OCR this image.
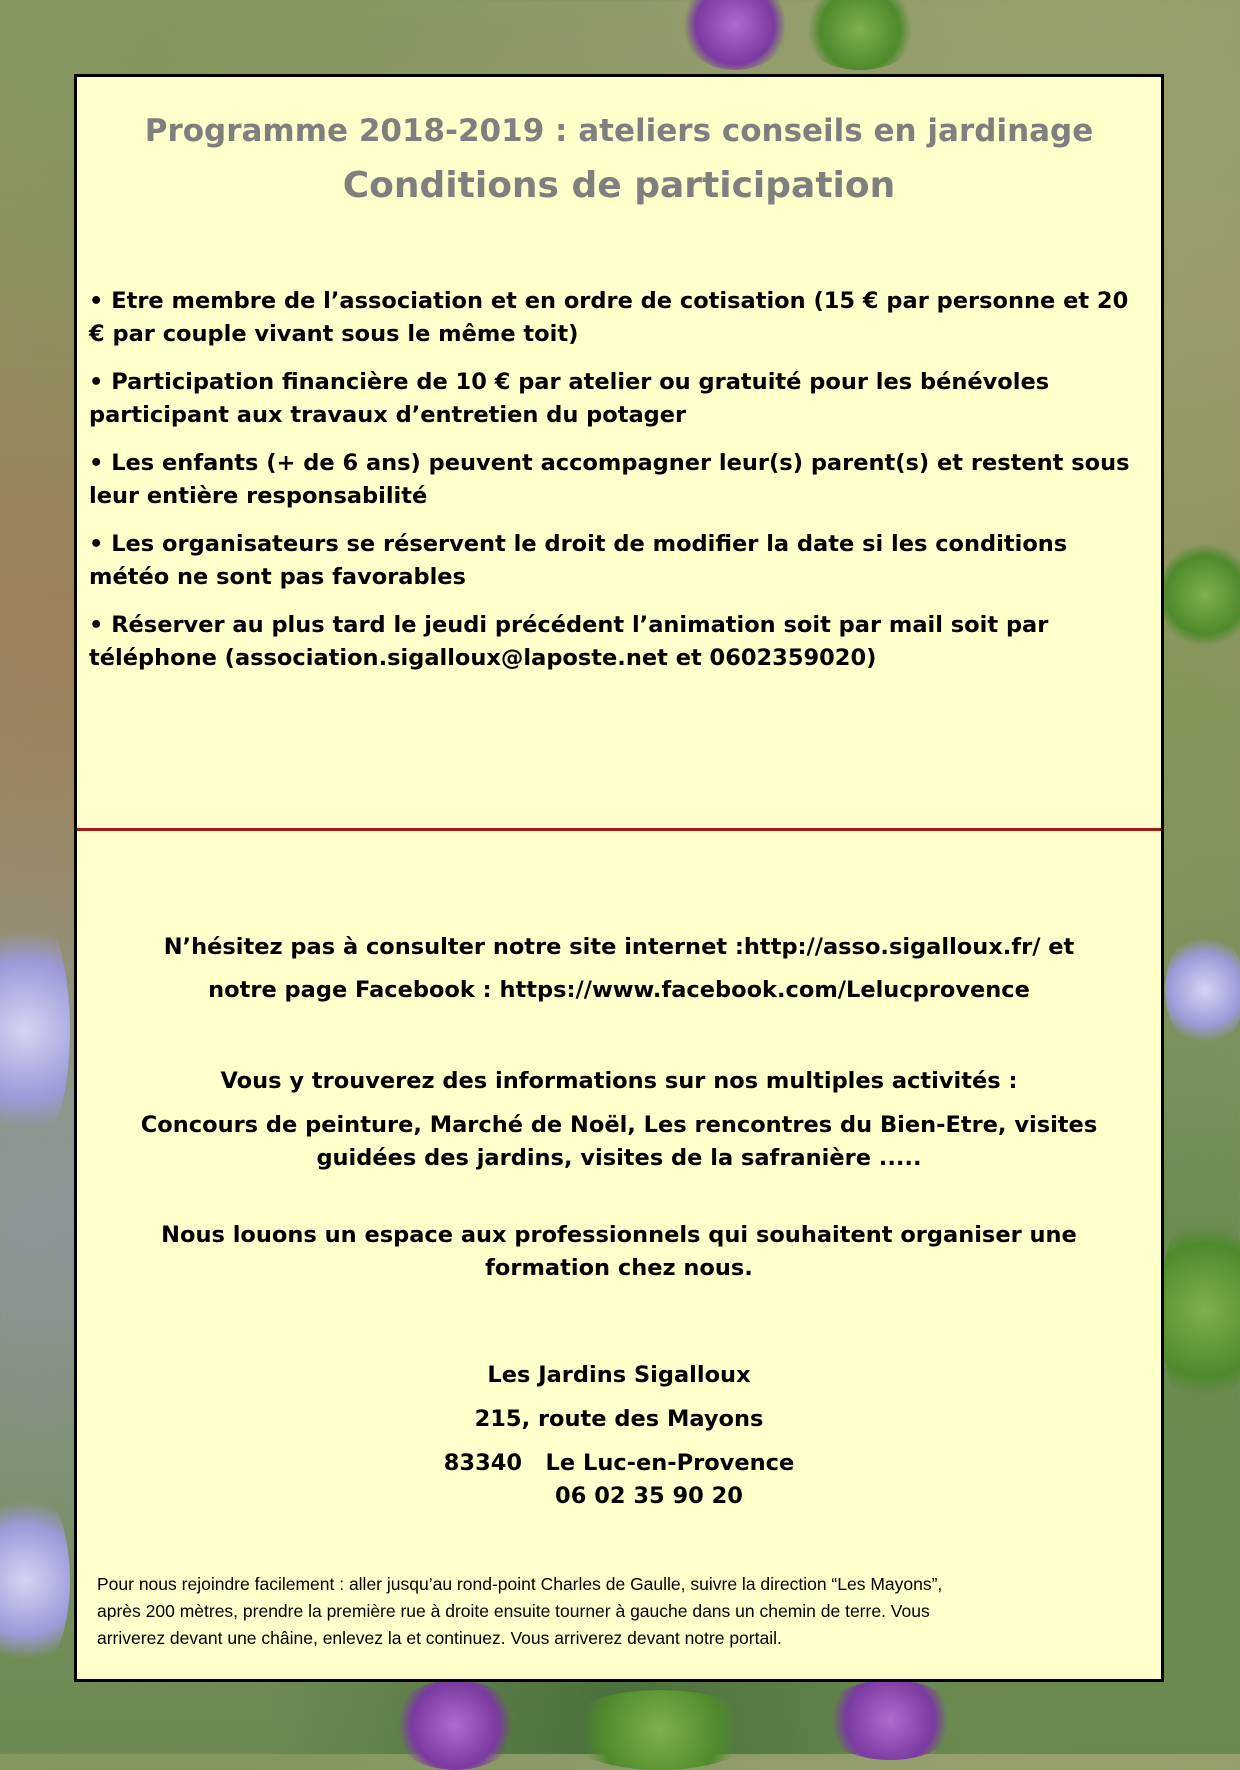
Programme 2018-2019 : ateliers conseils en jardinage
Conditions de participation
• Etre membre de l’association et en ordre de cotisation (15 € par personne et 20 € par couple vivant sous le même toit)
• Participation financière de 10 € par atelier ou gratuité pour les bénévoles participant aux travaux d’entretien du potager
• Les enfants (+ de 6 ans) peuvent accompagner leur(s) parent(s) et restent sous leur entière responsabilité
• Les organisateurs se réservent le droit de modifier la date si les conditions météo ne sont pas favorables
• Réserver au plus tard le jeudi précédent l’animation soit par mail soit par téléphone (association.sigalloux@laposte.net et 0602359020)

N’hésitez pas à consulter notre site internet :http://asso.sigalloux.fr/ et

notre page Facebook : https://www.facebook.com/Lelucprovence

Vous y trouverez des informations sur nos multiples activités :

Concours de peinture, Marché de Noël, Les rencontres du Bien-Etre, visites

guidées des jardins, visites de la safranière .....

Nous louons un espace aux professionnels qui souhaitent organiser une

formation chez nous.

Les Jardins Sigalloux

215, route des Mayons

83340 Le Luc-en-Provence

06 02 35 90 20

Pour nous rejoindre facilement : aller jusqu’au rond-point Charles de Gaulle, suivre la direction “Les Mayons”,
après 200 mètres, prendre la première rue à droite ensuite tourner à gauche dans un chemin de terre. Vous
arriverez devant une châine, enlevez la et continuez. Vous arriverez devant notre portail.
